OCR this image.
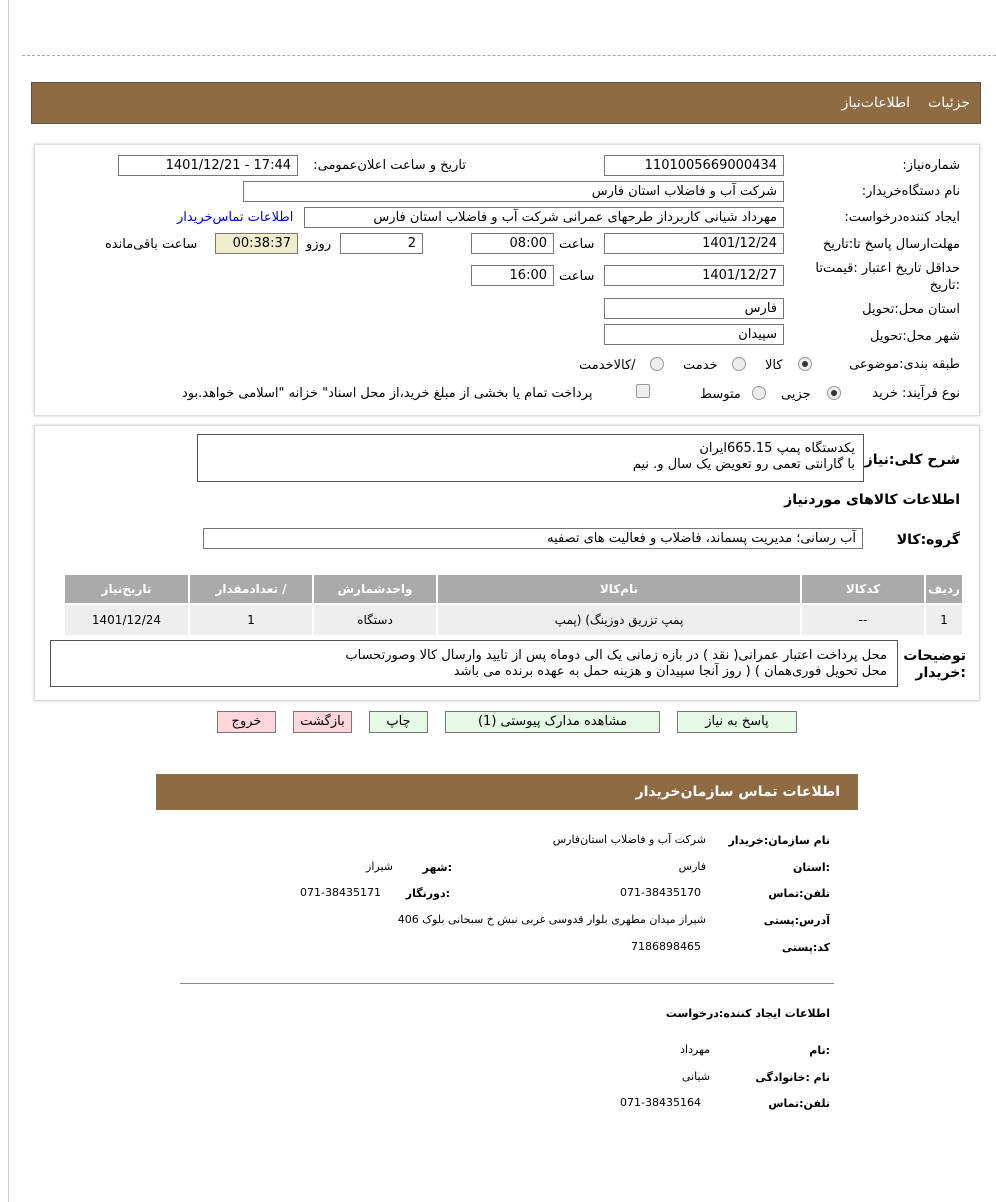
جزئیات
اطلاعات‌نیاز
شماره‌نیاز:
1101005669000434
تاریخ و ساعت اعلان‌عمومی:
1401/12/21 - 17:44
نام دستگاه‌خریدار:
شرکت آب و فاضلاب استان فارس
ایجاد کننده‌درخواست:
مهرداد شیانی کاربرداز طرحهای عمرانی شرکت آب و فاضلاب استان فارس
اطلاعات تماس‌خریدار
مهلت‌ارسال پاسخ تا:تاریخ
1401/12/24
ساعت
08:00
2
روزو
00:38:37
ساعت باقی‌مانده
حداقل تاریخ اعتبار :قیمت‌تا
:تاریخ
1401/12/27
ساعت
16:00
استان محل:تحویل
فارس
شهر محل:تحویل
سپیدان
طبقه بندی:موضوعی
کالا
خدمت
/کالاخدمت
نوع فرآیند: خرید
جزیی
متوسط
پرداخت تمام یا بخشی از مبلغ خرید،از محل اسناد" خزانه "اسلامی خواهد.بود
شرح کلی:نیاز
یکدستگاه پمپ 665.15‌ایران
با گارانتی تعمی رو تعویض یک سال و. نیم
اطلاعات کالاهای موردنیاز
گروه:کالا
آب رسانی؛ مدیریت پسماند، فاضلاب و فعالیت های تصفیه
ردیف	کدکالا	نام‌کالا	واحدشمارش	/ تعدادمقدار	تاریخ‌نیاز
1	--	پمپ تزریق دوزینگ) (پمپ	دستگاه	1	1401/12/24
توضیحات
:خریدار
محل پرداخت اعتبار عمرانی( نقد ) در بازه زمانی یک الی دوماه پس از تایید وارسال کالا وصورتحساب
محل تحویل فوری‌همان ) ( روز آنجا سپیدان و هزینه حمل به عهده برنده می باشد
پاسخ به نیاز
مشاهده مدارک پیوستی (1)
چاپ
بازگشت
خروج
اطلاعات تماس سازمان‌خریدار
نام سازمان:خریدار
شرکت آب و فاضلاب استان‌فارس
:استان
فارس
:شهر
شیراز
تلفن:تماس
071-38435170
:دورنگار
071-38435171
آدرس:پستی
شیراز میدان مطهری بلوار قدوسی غربی نبش خ سبحانی بلوک 406
کد:پستی
7186898465
اطلاعات ایجاد کننده:درخواست
:نام
مهرداد
نام :خانوادگی
شیانی
تلفن:تماس
071-38435164
